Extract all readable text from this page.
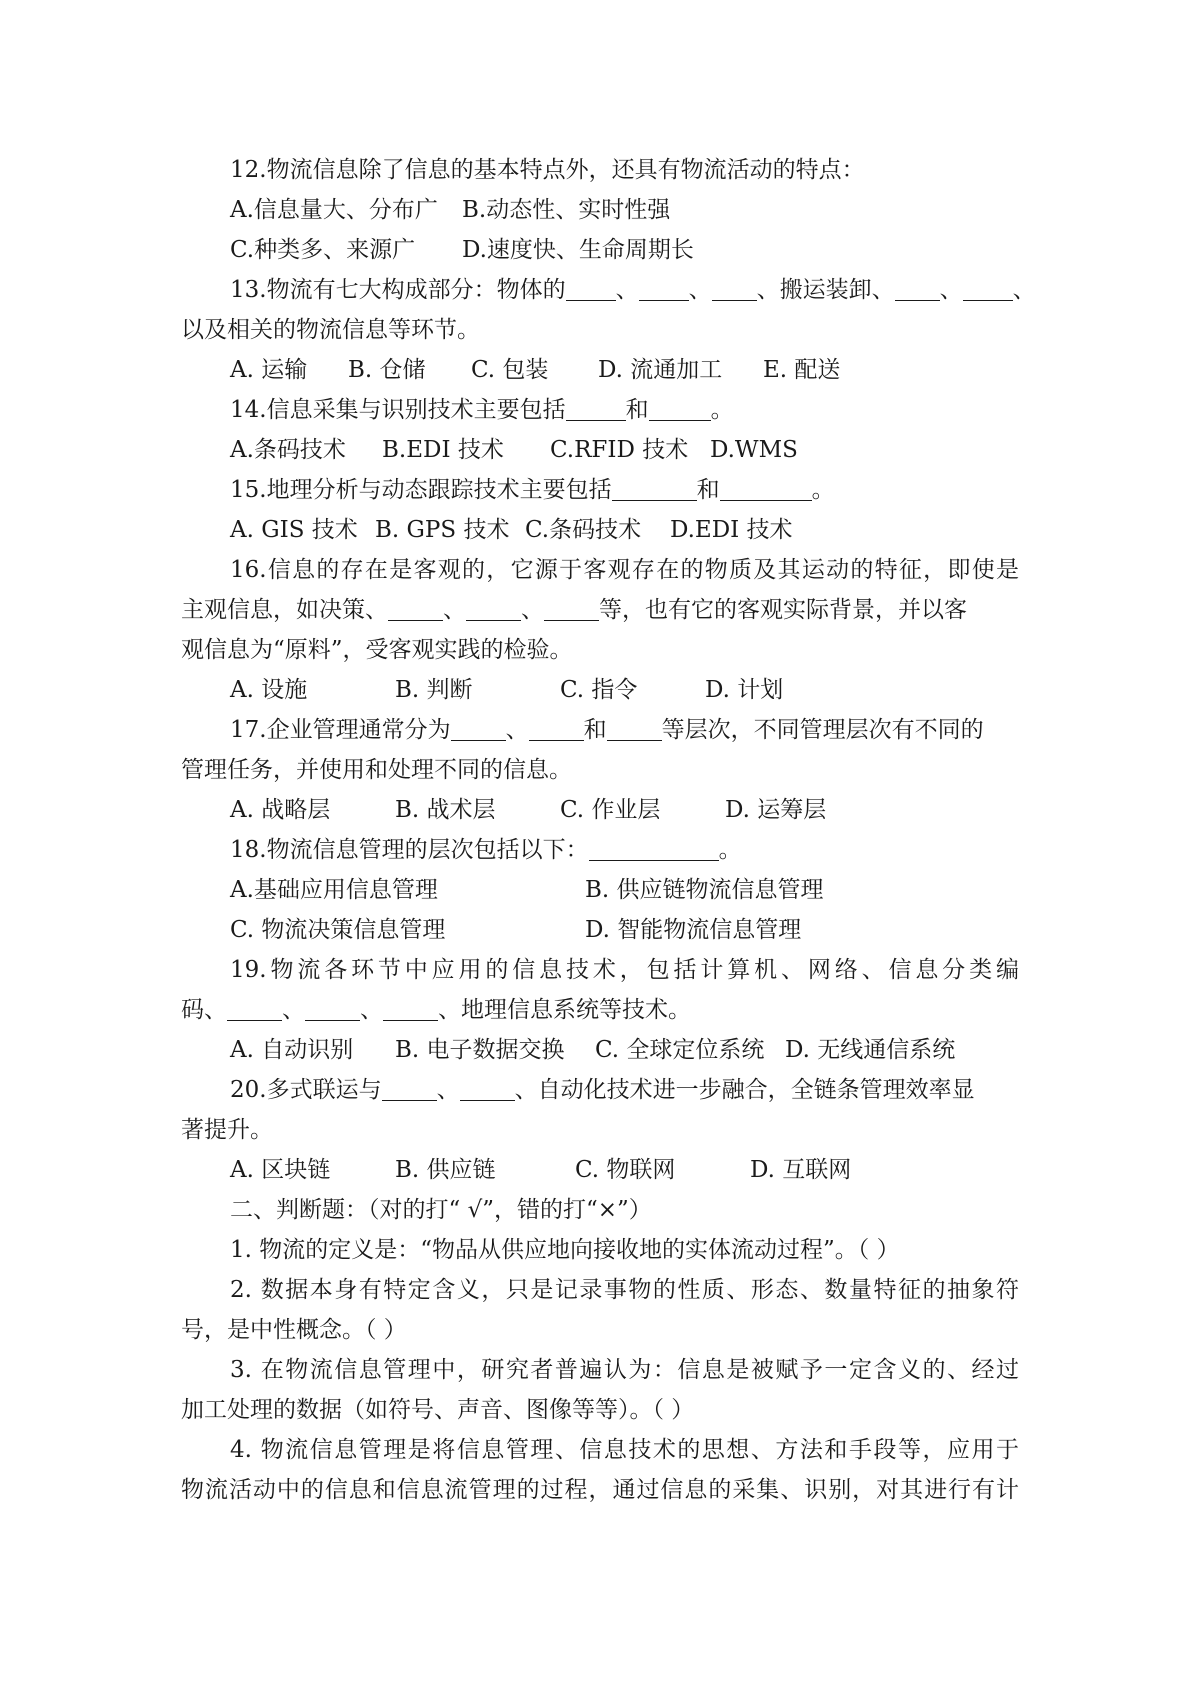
12.物流信息除了信息的基本特点外，还具有物流活动的特点：
A.信息量大、分布广	B.动态性、实时性强
C.种类多、来源广	D.速度快、生命周期长
13.物流有七大构成部分：物体的 、 、 、搬运装卸、 、 、
以及相关的物流信息等环节。
A. 运输	B. 仓储	C. 包装	D. 流通加工	E. 配送
14.信息采集与识别技术主要包括	和	。
A.条码技术	B.EDI 技术	C.RFID 技术 D.WMS
15.地理分析与动态跟踪技术主要包括	和	。
A. GIS 技术 B. GPS 技术 C.条码技术	D.EDI 技术
16.信息的存在是客观的，它源于客观存在的物质及其运动的特征，即使是
主观信息，如决策、 、 、 等，也有它的客观实际背景，并以客
观信息为“原料”，受客观实践的检验。
A. 设施	B. 判断	C. 指令	D. 计划
17.企业管理通常分为 、 和 等层次，不同管理层次有不同的
管理任务，并使用和处理不同的信息。
A. 战略层	B. 战术层	C. 作业层	D. 运筹层
18.物流信息管理的层次包括以下：	。
A.基础应用信息管理	B. 供应链物流信息管理
C. 物流决策信息管理	D. 智能物流信息管理
19.物流各环节中应用的信息技术，包括计算机、网络、信息分类编
码、 、 、 、地理信息系统等技术。
A. 自动识别	B. 电子数据交换	C. 全球定位系统 D. 无线通信系统
20.多式联运与 、 、自动化技术进一步融合，全链条管理效率显
著提升。
A. 区块链	B. 供应链	C. 物联网	D. 互联网
二、判断题：（对的打“ √”，错的打“×”）
1. 物流的定义是：“物品从供应地向接收地的实体流动过程”。（ ）
2. 数据本身有特定含义，只是记录事物的性质、形态、数量特征的抽象符
号，是中性概念。（ ）
3. 在物流信息管理中，研究者普遍认为：信息是被赋予一定含义的、经过
加工处理的数据（如符号、声音、图像等等）。（ ）
4. 物流信息管理是将信息管理、信息技术的思想、方法和手段等，应用于
物流活动中的信息和信息流管理的过程，通过信息的采集、识别，对其进行有计
